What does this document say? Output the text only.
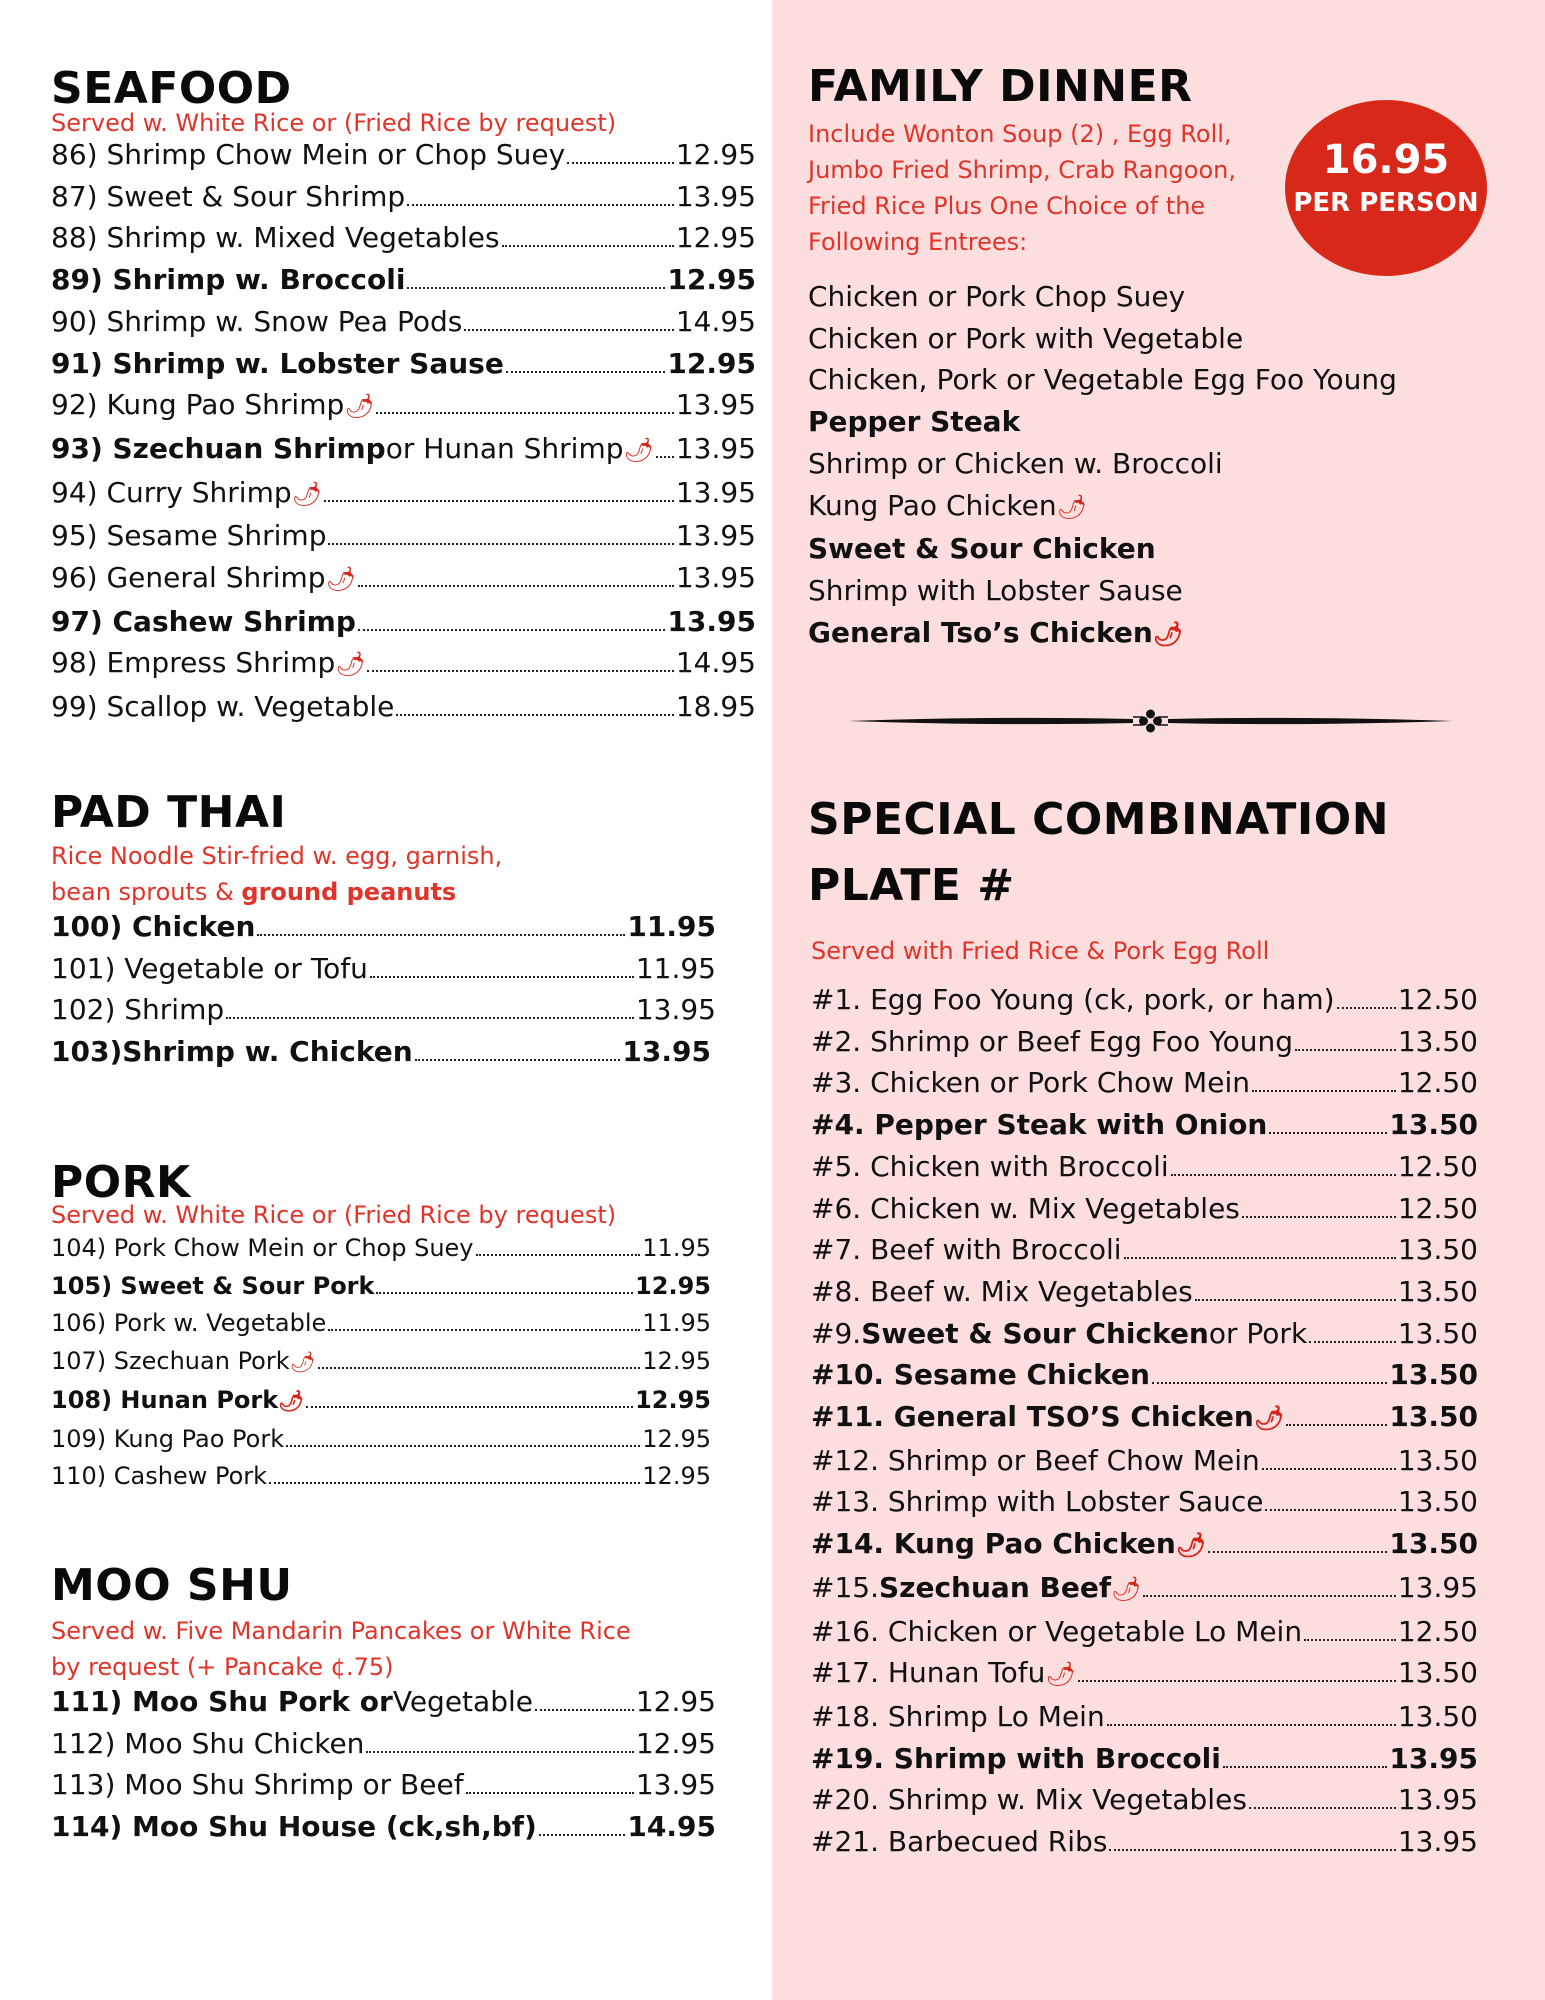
SEAFOOD
Served w. White Rice or (Fried Rice by request)
86) Shrimp Chow Mein or Chop Suey	12.95
87) Sweet & Sour Shrimp	13.95
88) Shrimp w. Mixed Vegetables	12.95
89) Shrimp w. Broccoli	12.95
90) Shrimp w. Snow Pea Pods	14.95
91) Shrimp w. Lobster Sause	12.95
92) Kung Pao Shrimp 🌶	13.95
93) Szechuan Shrimp or Hunan Shrimp 🌶 13.95
94) Curry Shrimp 🌶	13.95
95) Sesame Shrimp	13.95
96) General Shrimp 🌶	13.95
97) Cashew Shrimp	13.95
98) Empress Shrimp 🌶	14.95
99) Scallop w. Vegetable	18.95
PAD THAI
Rice Noodle Stir-fried w. egg, garnish,
bean sprouts & ground peanuts
100) Chicken	11.95
101) Vegetable or Tofu	11.95
102) Shrimp	13.95
103)Shrimp w. Chicken	13.95
PORK
Served w. White Rice or (Fried Rice by request)
104) Pork Chow Mein or Chop Suey	11.95
105) Sweet & Sour Pork	12.95
106) Pork w. Vegetable	11.95
107) Szechuan Pork 🌶	12.95
108) Hunan Pork 🌶	12.95
109) Kung Pao Pork	12.95
110) Cashew Pork	12.95
MOO SHU
Served w. Five Mandarin Pancakes or White Rice
by request (+ Pancake ¢.75)
111) Moo Shu Pork or Vegetable	12.95
112) Moo Shu Chicken	12.95
113) Moo Shu Shrimp or Beef	13.95
114) Moo Shu House (ck,sh,bf)	14.95
FAMILY DINNER
Include Wonton Soup (2) , Egg Roll,
Jumbo Fried Shrimp, Crab Rangoon,
Fried Rice Plus One Choice of the
Following Entrees:
Chicken or Pork Chop Suey
Chicken or Pork with Vegetable
Chicken, Pork or Vegetable Egg Foo Young
Pepper Steak
Shrimp or Chicken w. Broccoli
Kung Pao Chicken🌶
Sweet & Sour Chicken
Shrimp with Lobster Sause
General Tso’s Chicken🌶
16.95
PER PERSON
SPECIAL COMBINATION
PLATE #
Served with Fried Rice & Pork Egg Roll
#1. Egg Foo Young (ck, pork, or ham) 12.50
#2. Shrimp or Beef Egg Foo Young	13.50
#3. Chicken or Pork Chow Mein	12.50
#4. Pepper Steak with Onion	13.50
#5. Chicken with Broccoli	12.50
#6. Chicken w. Mix Vegetables	12.50
#7. Beef with Broccoli	13.50
#8. Beef w. Mix Vegetables	13.50
#9. Sweet & Sour Chicken or Pork	13.50
#10. Sesame Chicken	13.50
#11. General TSO’S Chicken 🌶	13.50
#12. Shrimp or Beef Chow Mein	13.50
#13. Shrimp with Lobster Sauce	13.50
#14. Kung Pao Chicken 🌶	13.50
#15. Szechuan Beef 🌶	13.95
#16. Chicken or Vegetable Lo Mein	12.50
#17. Hunan Tofu 🌶	13.50
#18. Shrimp Lo Mein	13.50
#19. Shrimp with Broccoli	13.95
#20. Shrimp w. Mix Vegetables	13.95
#21. Barbecued Ribs	13.95
